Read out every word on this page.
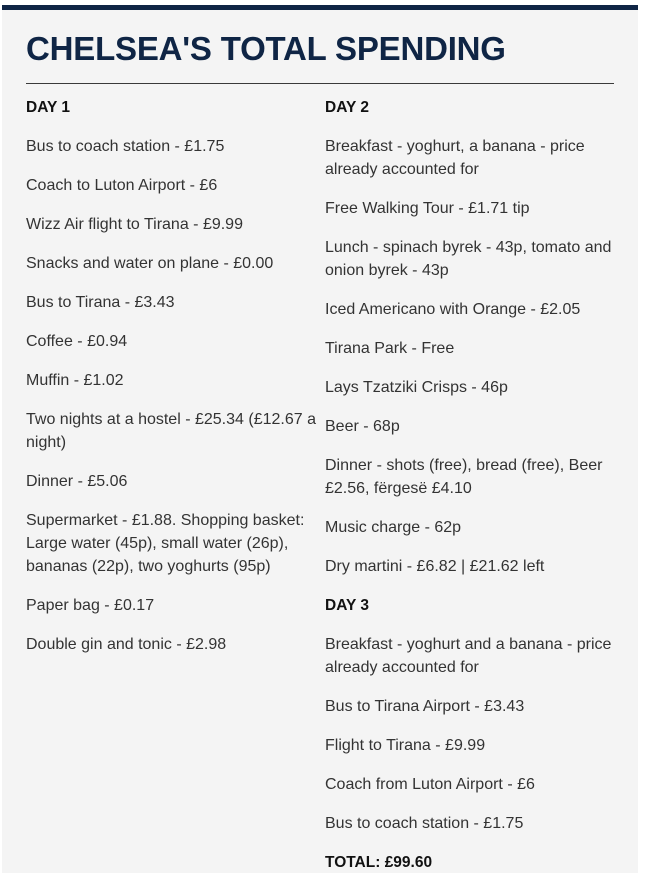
CHELSEA'S TOTAL SPENDING
DAY 1
Bus to coach station - £1.75
Coach to Luton Airport - £6
Wizz Air flight to Tirana - £9.99
Snacks and water on plane - £0.00
Bus to Tirana - £3.43
Coffee - £0.94
Muffin - £1.02
Two nights at a hostel - £25.34 (£12.67 a night)
Dinner - £5.06
Supermarket - £1.88. Shopping basket: Large water (45p), small water (26p), bananas (22p), two yoghurts (95p)
Paper bag - £0.17
Double gin and tonic - £2.98
DAY 2
Breakfast - yoghurt, a banana - price already accounted for
Free Walking Tour - £1.71 tip
Lunch - spinach byrek - 43p, tomato and onion byrek - 43p
Iced Americano with Orange - £2.05
Tirana Park - Free
Lays Tzatziki Crisps - 46p
Beer - 68p
Dinner - shots (free), bread (free), Beer £2.56, fërgesë £4.10
Music charge - 62p
Dry martini - £6.82 | £21.62 left
DAY 3
Breakfast - yoghurt and a banana - price already accounted for
Bus to Tirana Airport - £3.43
Flight to Tirana - £9.99
Coach from Luton Airport - £6
Bus to coach station - £1.75
TOTAL: £99.60
